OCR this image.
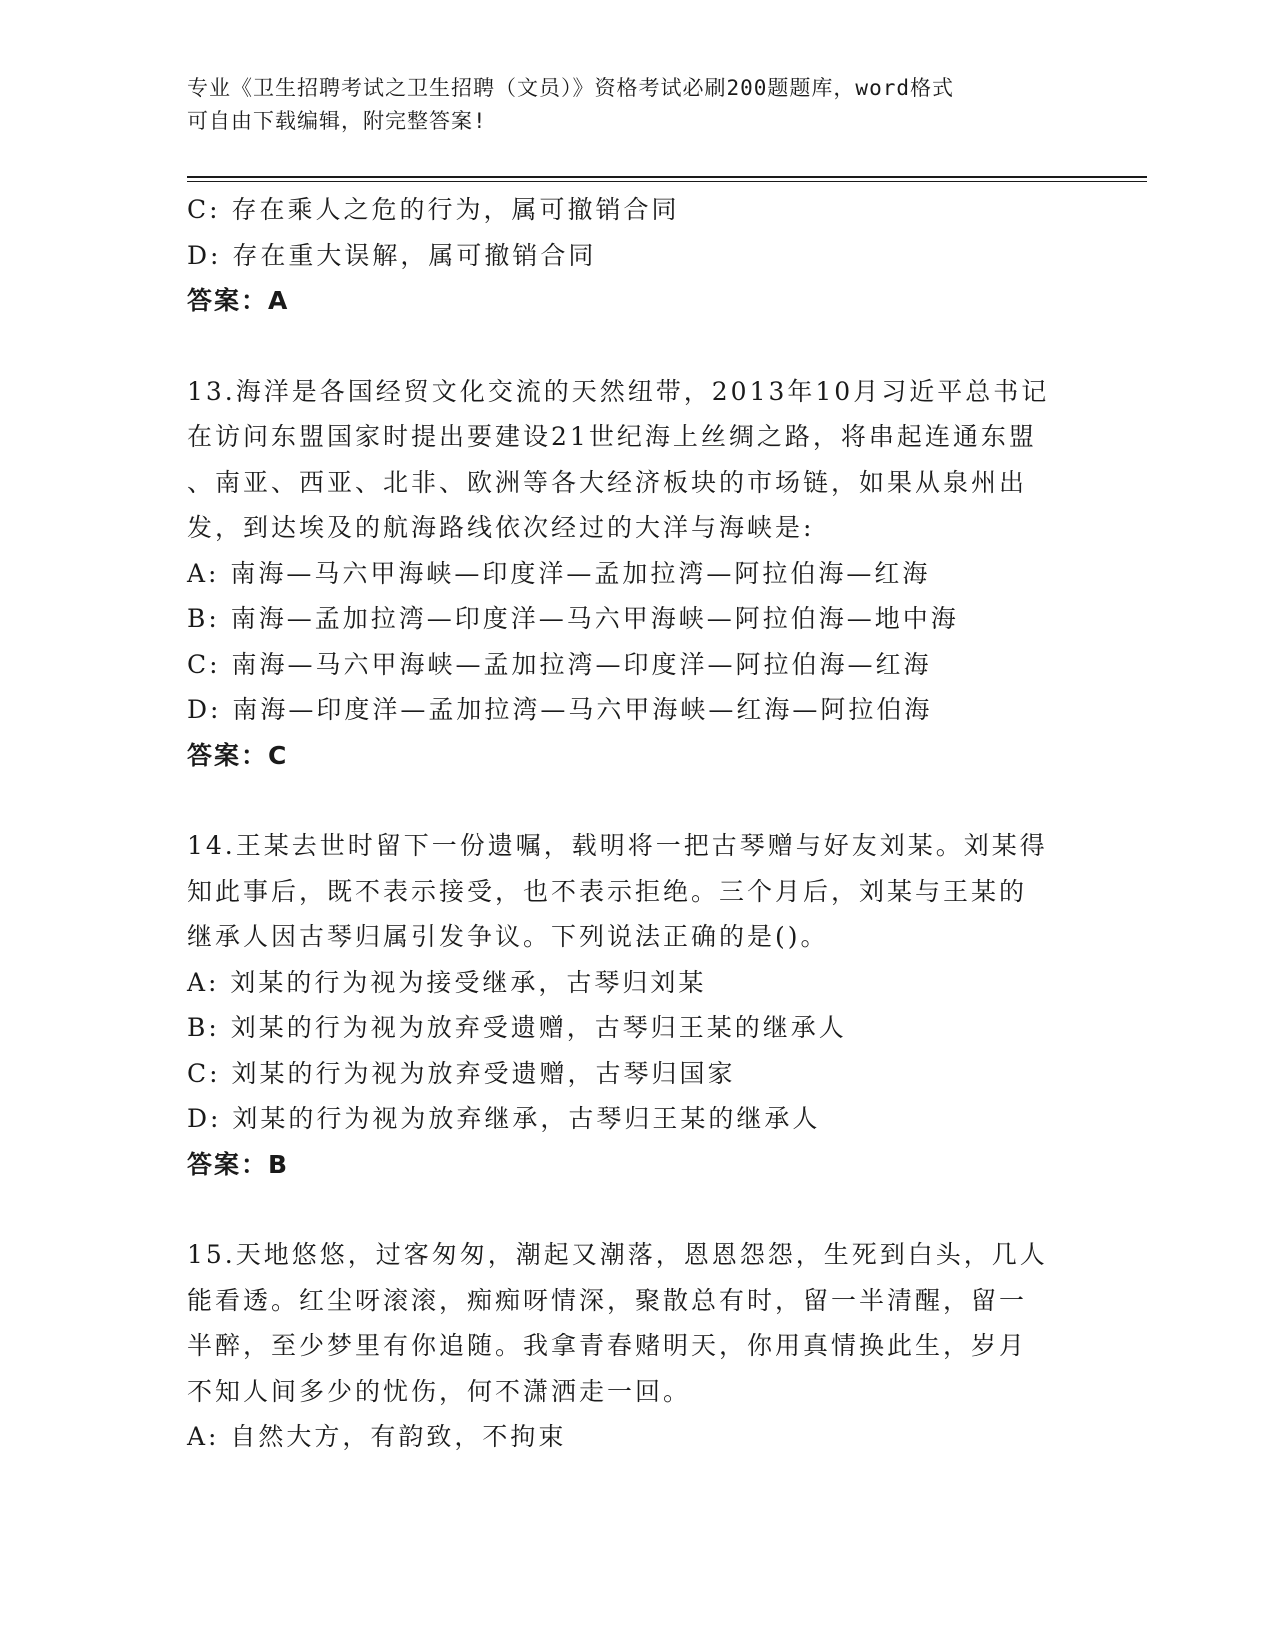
专业《卫生招聘考试之卫生招聘（文员）》资格考试必刷200题题库，word格式
可自由下载编辑，附完整答案!
C: 存在乘人之危的行为，属可撤销合同
D: 存在重大误解，属可撤销合同
答案：A
13.海洋是各国经贸文化交流的天然纽带，2013年10月习近平总书记
在访问东盟国家时提出要建设21世纪海上丝绸之路，将串起连通东盟
、南亚、西亚、北非、欧洲等各大经济板块的市场链，如果从泉州出
发，到达埃及的航海路线依次经过的大洋与海峡是:
A: 南海—马六甲海峡—印度洋—孟加拉湾—阿拉伯海—红海
B: 南海—孟加拉湾—印度洋—马六甲海峡—阿拉伯海—地中海
C: 南海—马六甲海峡—孟加拉湾—印度洋—阿拉伯海—红海
D: 南海—印度洋—孟加拉湾—马六甲海峡—红海—阿拉伯海
答案：C
14.王某去世时留下一份遗嘱，载明将一把古琴赠与好友刘某。刘某得
知此事后，既不表示接受，也不表示拒绝。三个月后，刘某与王某的
继承人因古琴归属引发争议。下列说法正确的是()。
A: 刘某的行为视为接受继承，古琴归刘某
B: 刘某的行为视为放弃受遗赠，古琴归王某的继承人
C: 刘某的行为视为放弃受遗赠，古琴归国家
D: 刘某的行为视为放弃继承，古琴归王某的继承人
答案：B
15.天地悠悠，过客匆匆，潮起又潮落，恩恩怨怨，生死到白头，几人
能看透。红尘呀滚滚，痴痴呀情深，聚散总有时，留一半清醒，留一
半醉，至少梦里有你追随。我拿青春赌明天，你用真情换此生，岁月
不知人间多少的忧伤，何不潇洒走一回。
A: 自然大方，有韵致，不拘束
